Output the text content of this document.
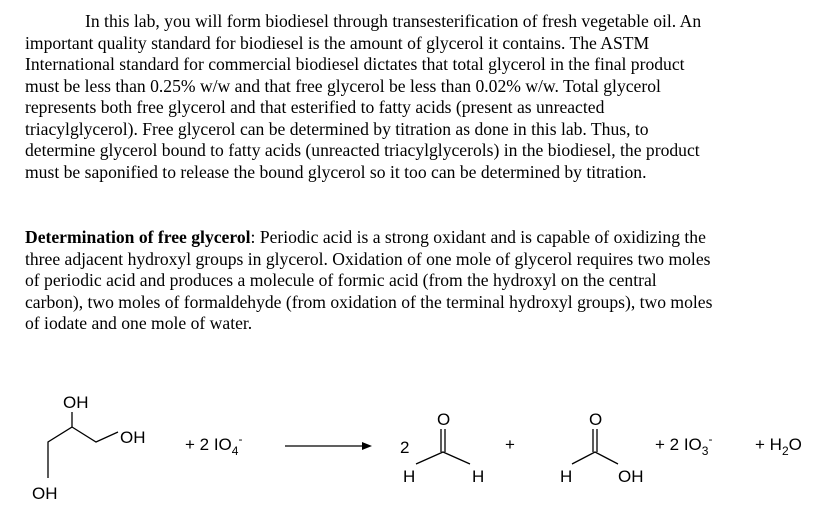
In this lab, you will form biodiesel through transesterification of fresh vegetable oil. An
important quality standard for biodiesel is the amount of glycerol it contains. The ASTM
International standard for commercial biodiesel dictates that total glycerol in the final product
must be less than 0.25% w/w and that free glycerol be less than 0.02% w/w. Total glycerol
represents both free glycerol and that esterified to fatty acids (present as unreacted
triacylglycerol). Free glycerol can be determined by titration as done in this lab. Thus, to
determine glycerol bound to fatty acids (unreacted triacylglycerols) in the biodiesel, the product
must be saponified to release the bound glycerol so it too can be determined by titration.
Determination of free glycerol: Periodic acid is a strong oxidant and is capable of oxidizing the
three adjacent hydroxyl groups in glycerol. Oxidation of one mole of glycerol requires two moles
of periodic acid and produces a molecule of formic acid (from the hydroxyl on the central
carbon), two moles of formaldehyde (from oxidation of the terminal hydroxyl groups), two moles
of iodate and one mole of water.
OH
OH
OH
+ 2 $IO_4^-$	2
O
H	H
+
O
H	OH
+ 2 $IO_3^-$	+ $H_2O$
